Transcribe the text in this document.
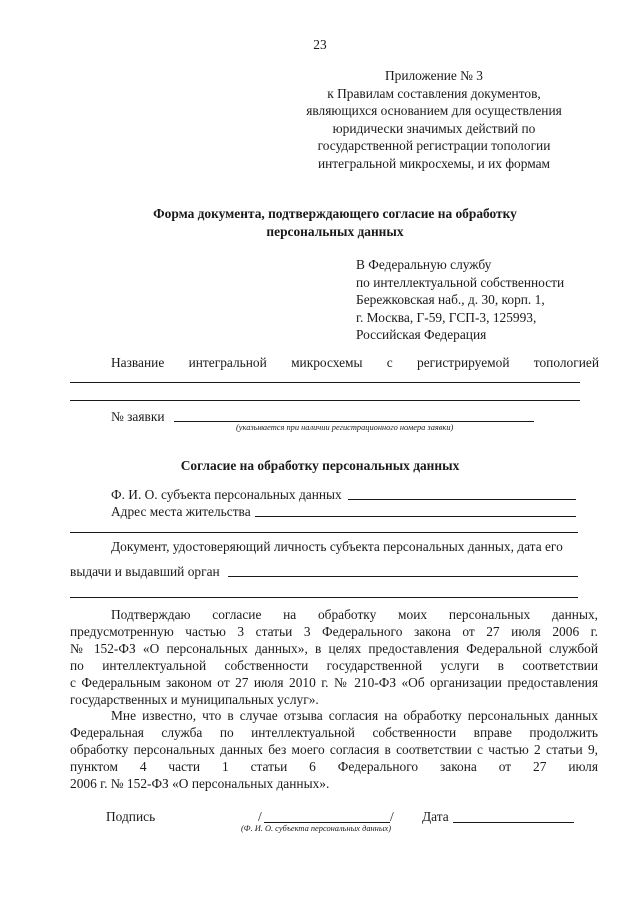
23
Приложение № 3
к Правилам составления документов,
являющихся основанием для осуществления
юридически значимых действий по
государственной регистрации топологии
интегральной микросхемы, и их формам
Форма документа, подтверждающего согласие на обработку
персональных данных
В Федеральную службу
по интеллектуальной собственности
Бережковская наб., д. 30, корп. 1,
г. Москва, Г-59, ГСП-3, 125993,
Российская Федерация
Название интегральной микросхемы с регистрируемой топологией
№ заявки
(указывается при наличии регистрационного номера заявки)
Согласие на обработку персональных данных
Ф. И. О. субъекта персональных данных
Адрес места жительства
Документ, удостоверяющий личность субъекта персональных данных, дата его
выдачи и выдавший орган

Подтверждаю согласие на обработку моих персональных данных,

предусмотренную частью 3 статьи 3 Федерального закона от 27 июля 2006 г.

№ 152-ФЗ «О персональных данных», в целях предоставления Федеральной службой

по интеллектуальной собственности государственной услуги в соответствии

с Федеральным законом от 27 июля 2010 г. № 210-ФЗ «Об организации предоставления

государственных и муниципальных услуг».

Мне известно, что в случае отзыва согласия на обработку персональных данных

Федеральная служба по интеллектуальной собственности вправе продолжить

обработку персональных данных без моего согласия в соответствии с частью 2 статьи 9,

пунктом 4 части 1 статьи 6 Федерального закона от 27 июля

2006 г. № 152-ФЗ «О персональных данных».

Подпись	/	/
(Ф. И. О. субъекта персональных данных)
Дата
